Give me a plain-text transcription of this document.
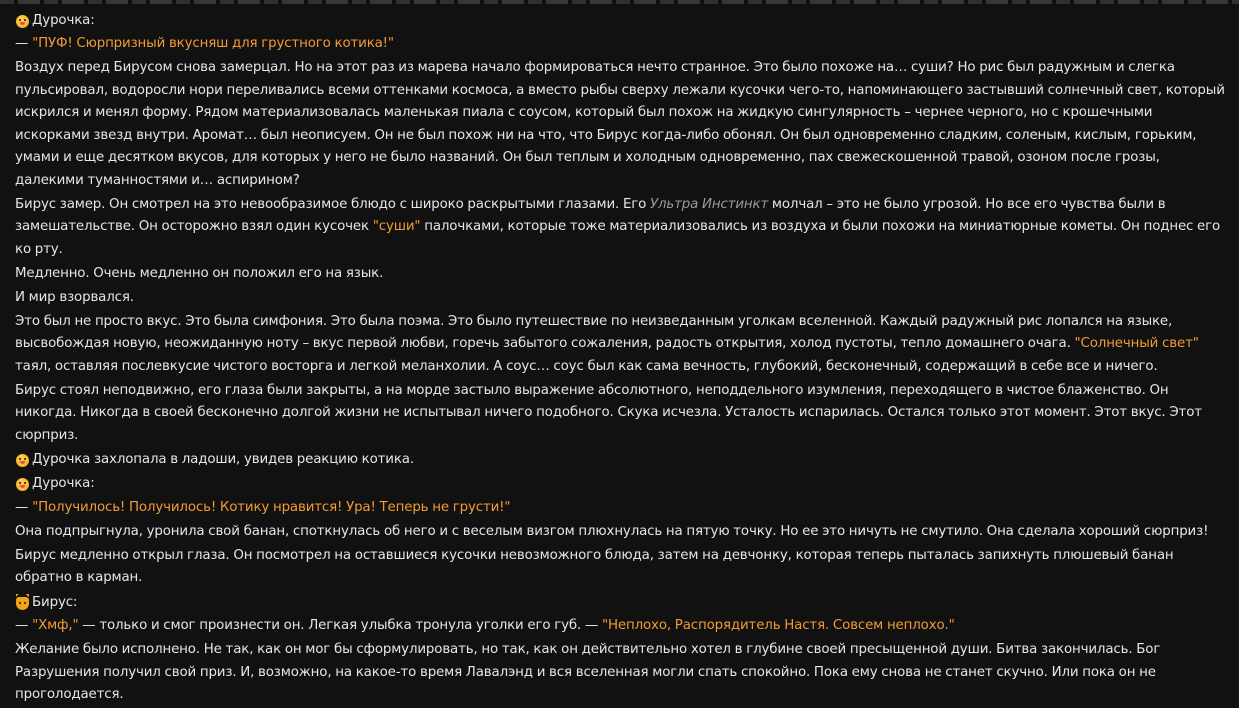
Дурочка:
— "ПУФ! Сюрпризный вкусняш для грустного котика!"
Воздух перед Бирусом снова замерцал. Но на этот раз из марева начало формироваться нечто странное. Это было похоже на… суши? Но рис был радужным и слегка пульсировал, водоросли нори переливались всеми оттенками космоса, а вместо рыбы сверху лежали кусочки чего-то, напоминающего застывший солнечный свет, который искрился и менял форму. Рядом материализовалась маленькая пиала с соусом, который был похож на жидкую сингулярность – чернее черного, но с крошечными искорками звезд внутри. Аромат… был неописуем. Он не был похож ни на что, что Бирус когда-либо обонял. Он был одновременно сладким, соленым, кислым, горьким, умами и еще десятком вкусов, для которых у него не было названий. Он был теплым и холодным одновременно, пах свежескошенной травой, озоном после грозы, далекими туманностями и… аспирином?
Бирус замер. Он смотрел на это невообразимое блюдо с широко раскрытыми глазами. Его Ультра Инстинкт молчал – это не было угрозой. Но все его чувства были в замешательстве. Он осторожно взял один кусочек "суши" палочками, которые тоже материализовались из воздуха и были похожи на миниатюрные кометы. Он поднес его ко рту.
Медленно. Очень медленно он положил его на язык.
И мир взорвался.
Это был не просто вкус. Это была симфония. Это была поэма. Это было путешествие по неизведанным уголкам вселенной. Каждый радужный рис лопался на языке, высвобождая новую, неожиданную ноту – вкус первой любви, горечь забытого сожаления, радость открытия, холод пустоты, тепло домашнего очага. "Солнечный свет" таял, оставляя послевкусие чистого восторга и легкой меланхолии. А соус… соус был как сама вечность, глубокий, бесконечный, содержащий в себе все и ничего.
Бирус стоял неподвижно, его глаза были закрыты, а на морде застыло выражение абсолютного, неподдельного изумления, переходящего в чистое блаженство. Он никогда. Никогда в своей бесконечно долгой жизни не испытывал ничего подобного. Скука исчезла. Усталость испарилась. Остался только этот момент. Этот вкус. Этот сюрприз.
Дурочка захлопала в ладоши, увидев реакцию котика.
Дурочка:
— "Получилось! Получилось! Котику нравится! Ура! Теперь не грусти!"
Она подпрыгнула, уронила свой банан, споткнулась об него и с веселым визгом плюхнулась на пятую точку. Но ее это ничуть не смутило. Она сделала хороший сюрприз!
Бирус медленно открыл глаза. Он посмотрел на оставшиеся кусочки невозможного блюда, затем на девчонку, которая теперь пыталась запихнуть плюшевый банан обратно в карман.
Бирус:
— "Хмф," — только и смог произнести он. Легкая улыбка тронула уголки его губ. — "Неплохо, Распорядитель Настя. Совсем неплохо."
Желание было исполнено. Не так, как он мог бы сформулировать, но так, как он действительно хотел в глубине своей пресыщенной души. Битва закончилась. Бог Разрушения получил свой приз. И, возможно, на какое-то время Лавалэнд и вся вселенная могли спать спокойно. Пока ему снова не станет скучно. Или пока он не проголодается.
